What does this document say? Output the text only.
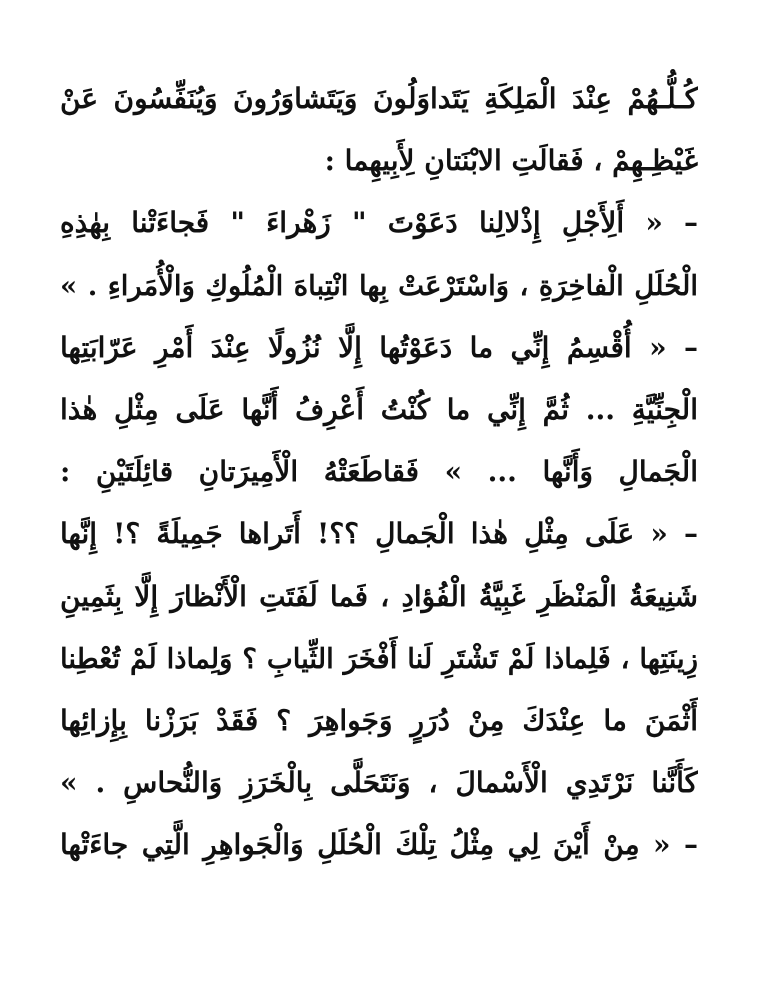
كُـلُّـهُمْ عِنْدَ الْمَلِكَةِ يَتَداوَلُونَ وَيَتَشاوَرُونَ وَيُنَفِّسُونَ عَنْ
غَيْظِـهِمْ ، فَقالَتِ الابْنَتانِ لِأَبِيهِما :
– « أَلِأَجْلِ إِذْلالِنا دَعَوْتَ " زَهْراءَ " فَجاءَتْنا بِهٰذِهِ
الْحُلَلِ الْفاخِرَةِ ، وَاسْتَرْعَتْ بِها انْتِباهَ الْمُلُوكِ وَالْأُمَراءِ . »
– « أُقْسِمُ إِنِّي ما دَعَوْتُها إِلَّا نُزُولًا عِنْدَ أَمْرِ عَرّابَتِها
الْجِنِّيَّةِ ... ثُمَّ إِنِّي ما كُنْتُ أَعْرِفُ أَنَّها عَلَى مِثْلِ هٰذا
الْجَمالِ وَأَنَّها ... » فَقاطَعَتْهُ الْأَمِيرَتانِ قائِلَتَيْنِ :
– « عَلَى مِثْلِ هٰذا الْجَمالِ ؟؟! أَتَراها جَمِيلَةً ؟! إِنَّها
شَنِيعَةُ الْمَنْظَرِ غَبِيَّةُ الْفُؤادِ ، فَما لَفَتَتِ الْأَنْظارَ إِلَّا بِثَمِينِ
زِينَتِها ، فَلِماذا لَمْ تَشْتَرِ لَنا أَفْخَرَ الثِّيابِ ؟ وَلِماذا لَمْ تُعْطِنا
أَثْمَنَ ما عِنْدَكَ مِنْ دُرَرٍ وَجَواهِرَ ؟ فَقَدْ بَرَزْنا بِإِزائِها
كَأَنَّنا نَرْتَدِي الْأَسْمالَ ، وَنَتَحَلَّى بِالْخَرَزِ وَالنُّحاسِ . »
– « مِنْ أَيْنَ لِي مِثْلُ تِلْكَ الْحُلَلِ وَالْجَواهِرِ الَّتِي جاءَتْها
